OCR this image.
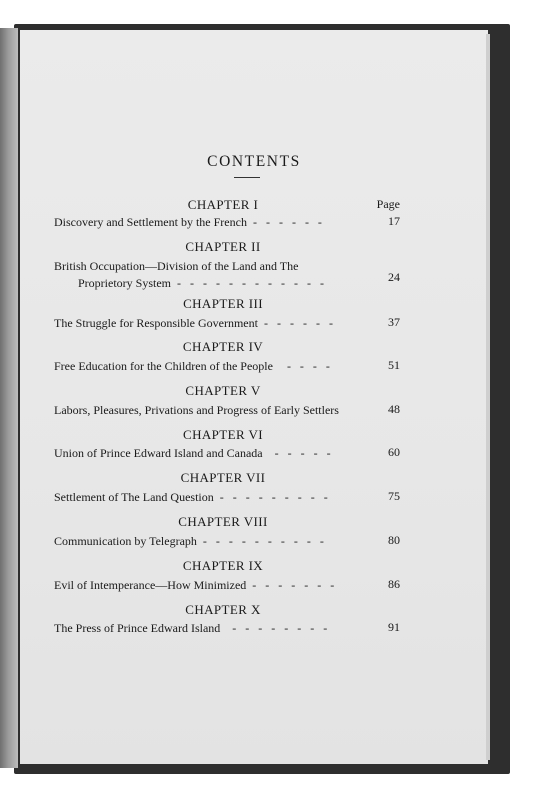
CONTENTS
CHAPTER I	Page
Discovery and Settlement by the French - - - - - -	17
CHAPTER II
British Occupation—Division of the Land and The
Proprietory System - - - - - - - - - - - -	24
CHAPTER III
The Struggle for Responsible Government - - - - - -	37
CHAPTER IV
Free Education for the Children of the People - - - -	51
CHAPTER V
Labors, Pleasures, Privations and Progress of Early Settlers	48
CHAPTER VI
Union of Prince Edward Island and Canada - - - - -	60
CHAPTER VII
Settlement of The Land Question - - - - - - - - -	75
CHAPTER VIII
Communication by Telegraph - - - - - - - - - -	80
CHAPTER IX
Evil of Intemperance—How Minimized - - - - - - -	86
CHAPTER X
The Press of Prince Edward Island - - - - - - - -	91
